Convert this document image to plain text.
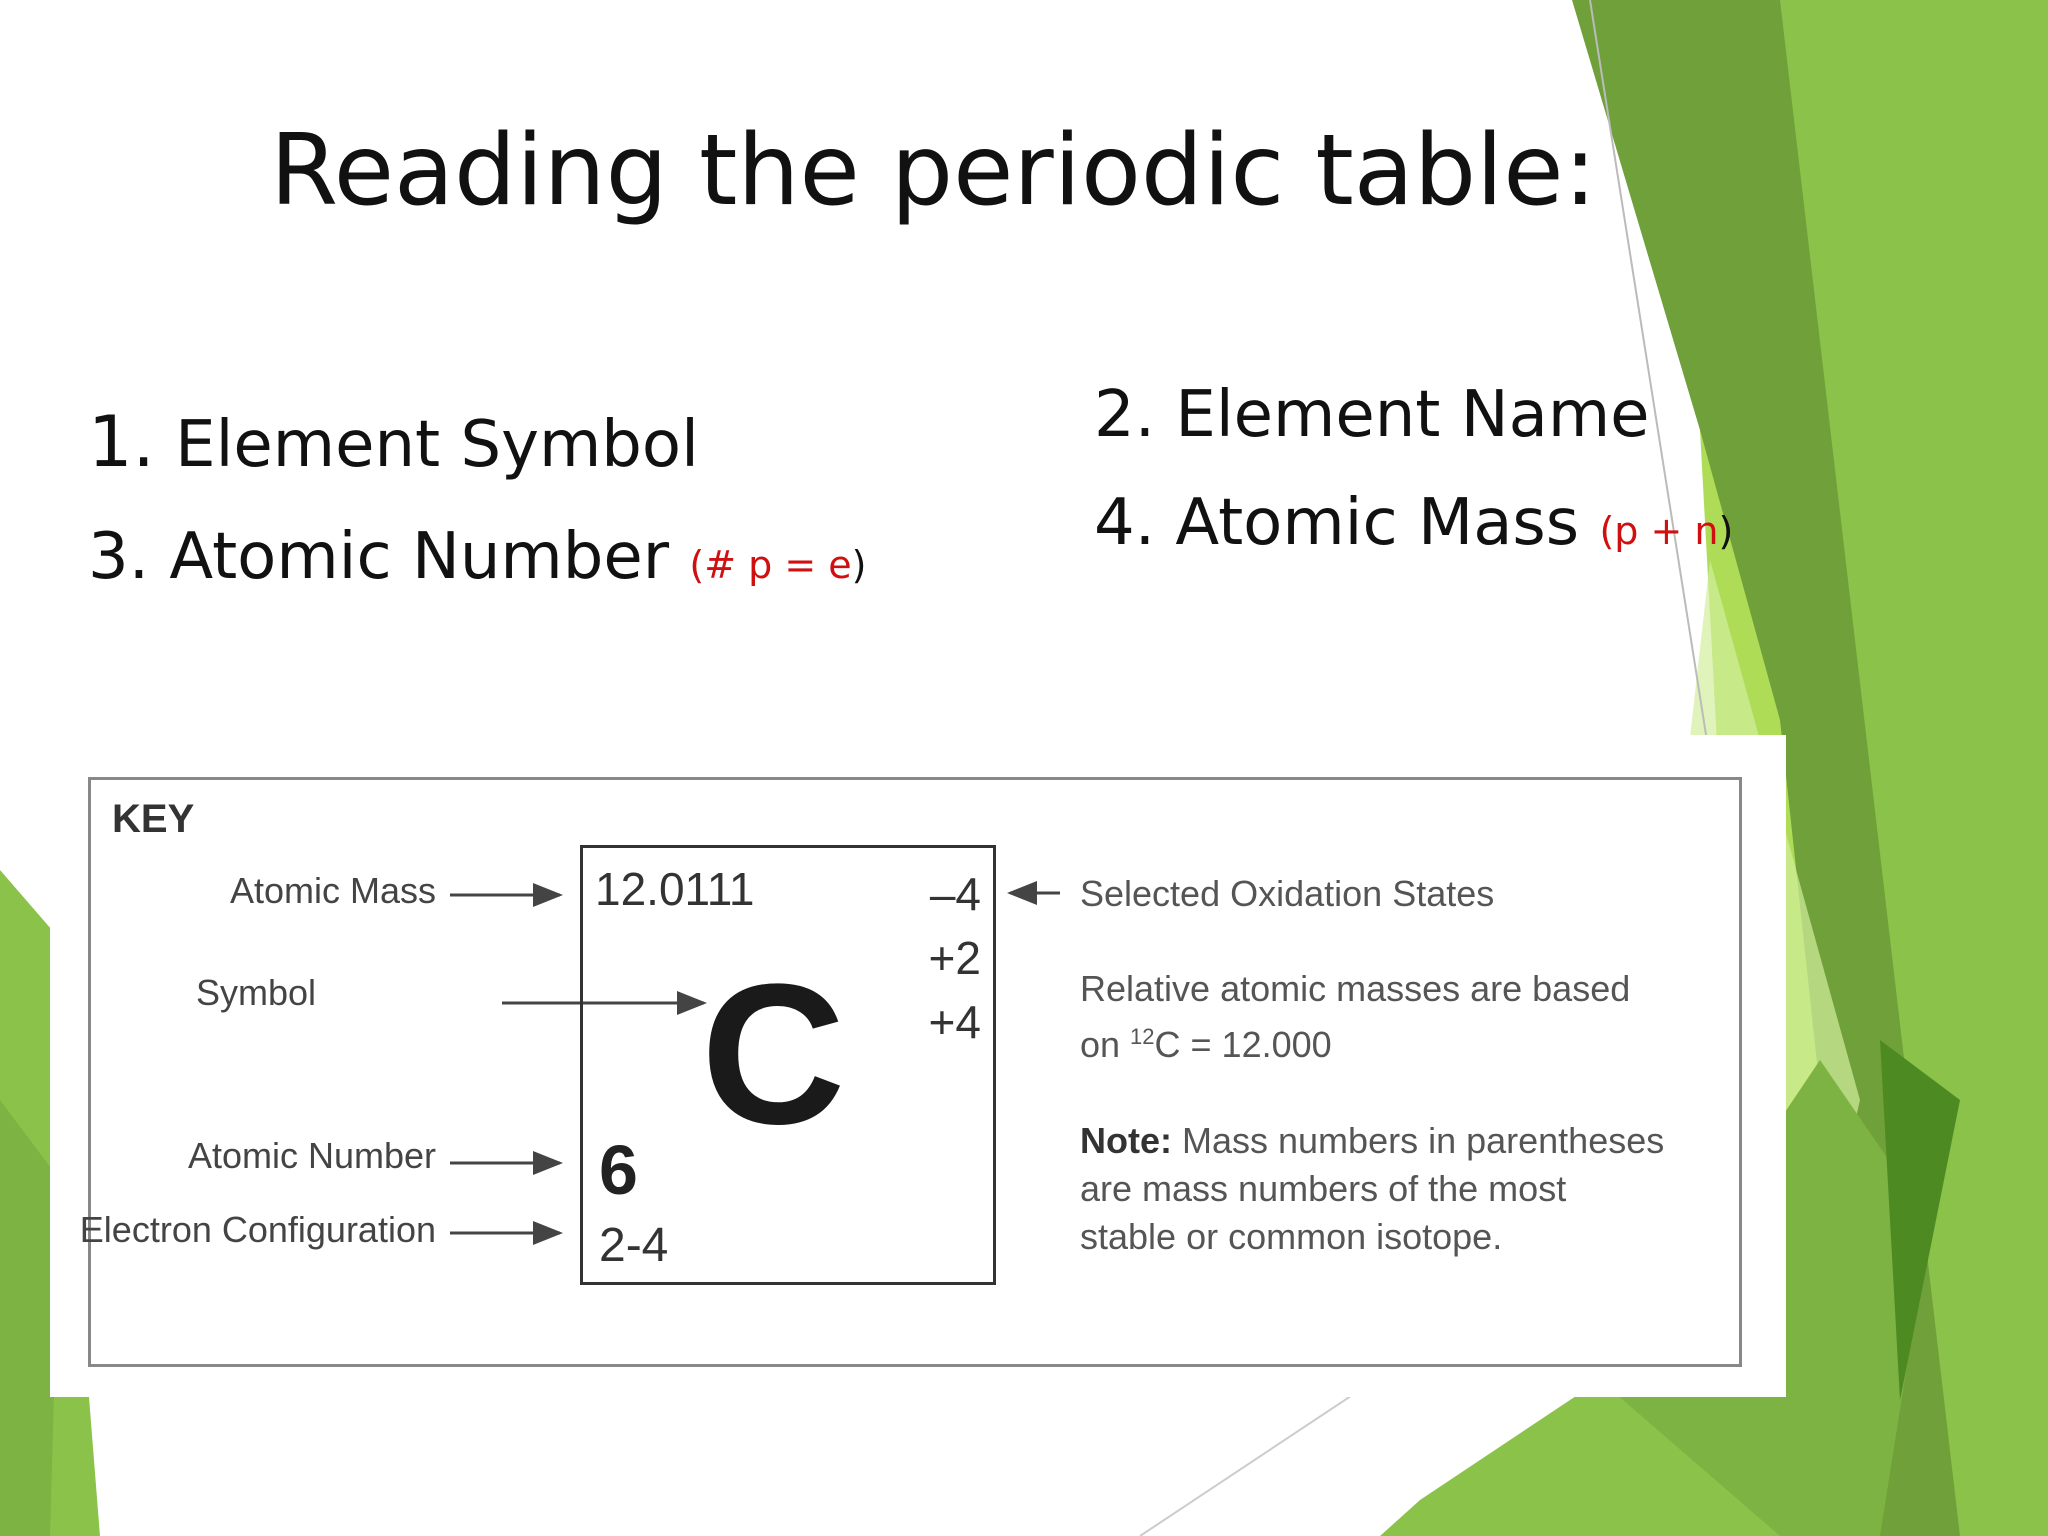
Reading the periodic table:
1. Element Symbol	2. Element Name
3. Atomic Number (# p = e)
4. Atomic Mass (p + n)
KEY
Atomic Mass
Symbol
Atomic Number
Electron Configuration
12.0111	–4
+2
+4
C
6
2-4
Selected Oxidation States
Relative atomic masses are based
on $^{12}$C = 12.000
Note: Mass numbers in parentheses
are mass numbers of the most
stable or common isotope.
